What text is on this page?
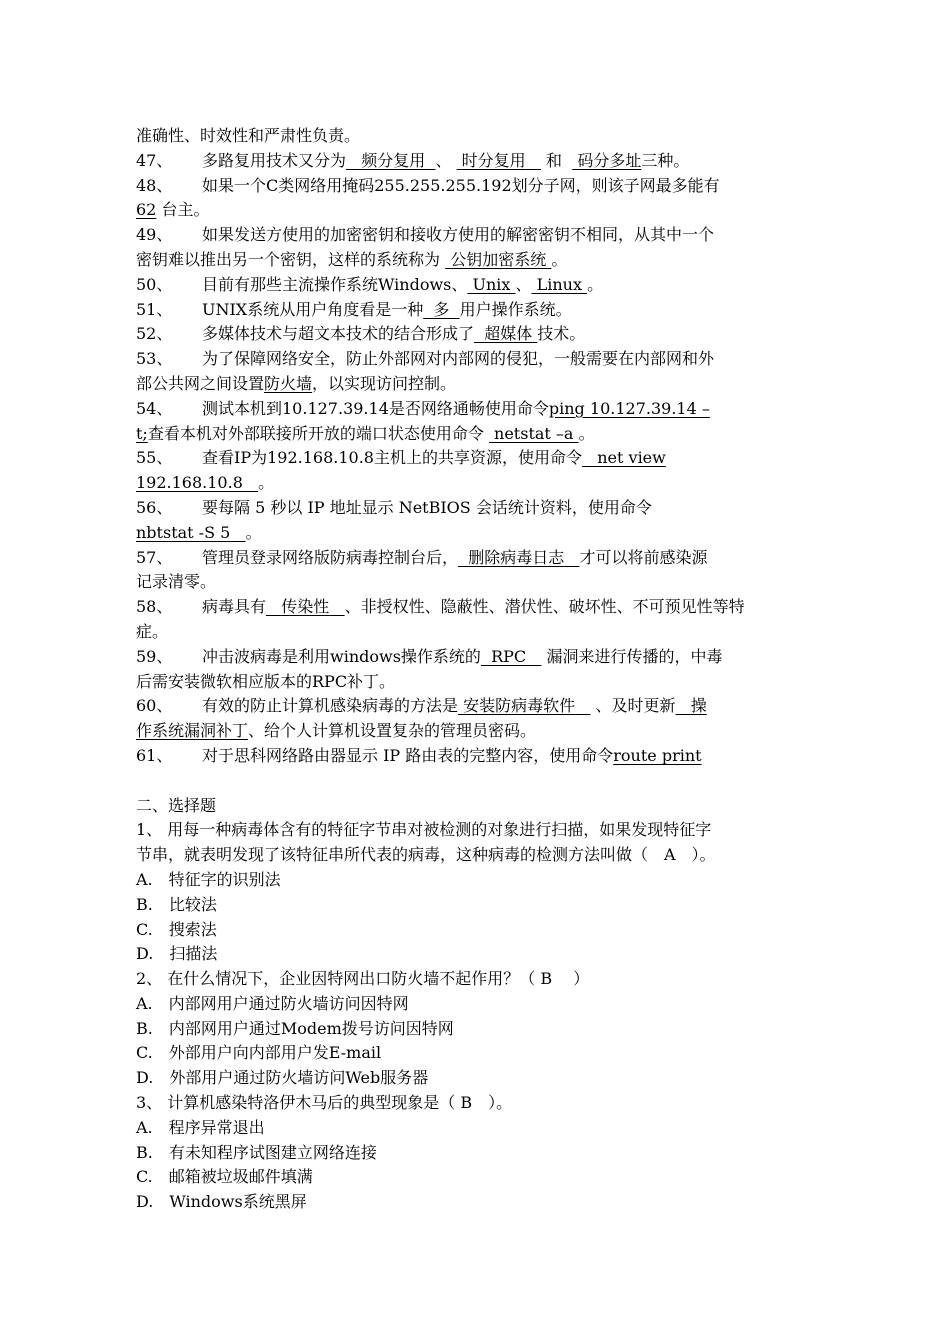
准确性、时效性和严肃性负责。
47、 多路复用技术又分为 频分复用 、 时分复用 和 码分多址三种。
48、 如果一个C类网络用掩码255.255.255.192划分子网，则该子网最多能有
62 台主。
49、 如果发送方使用的加密密钥和接收方使用的解密密钥不相同，从其中一个
密钥难以推出另一个密钥，这样的系统称为 公钥加密系统 。
50、 目前有那些主流操作系统Windows、 Unix 、 Linux 。
51、 UNIX系统从用户角度看是一种 多 用户操作系统。
52、 多媒体技术与超文本技术的结合形成了 超媒体 技术。
53、 为了保障网络安全，防止外部网对内部网的侵犯，一般需要在内部网和外
部公共网之间设置防火墙，以实现访问控制。
54、 测试本机到10.127.39.14是否网络通畅使用命令ping 10.127.39.14 –
t;查看本机对外部联接所开放的端口状态使用命令 netstat –a 。
55、 查看IP为192.168.10.8主机上的共享资源，使用命令 net view
192.168.10.8 。
56、 要每隔 5 秒以 IP 地址显示 NetBIOS 会话统计资料，使用命令
nbtstat -S 5 。
57、 管理员登录网络版防病毒控制台后， 删除病毒日志 才可以将前感染源
记录清零。
58、 病毒具有 传染性 、非授权性、隐蔽性、潜伏性、破坏性、不可预见性等特
症。
59、 冲击波病毒是利用windows操作系统的 RPC 漏洞来进行传播的，中毒
后需安装微软相应版本的RPC补丁。
60、 有效的防止计算机感染病毒的方法是 安装防病毒软件 、及时更新 操
作系统漏洞补丁、给个人计算机设置复杂的管理员密码。
61、 对于思科网络路由器显示 IP 路由表的完整内容，使用命令route print
二、选择题
1、 用每一种病毒体含有的特征字节串对被检测的对象进行扫描，如果发现特征字
节串，就表明发现了该特征串所代表的病毒，这种病毒的检测方法叫做（　A　）。
A.　特征字的识别法
B.　比较法
C.　搜索法
D.　扫描法
2、 在什么情况下，企业因特网出口防火墙不起作用？（ B　 ）
A.　内部网用户通过防火墙访问因特网
B.　内部网用户通过Modem拨号访问因特网
C.　外部用户向内部用户发E-mail
D.　外部用户通过防火墙访问Web服务器
3、 计算机感染特洛伊木马后的典型现象是（ B　）。
A.　程序异常退出
B.　有未知程序试图建立网络连接
C.　邮箱被垃圾邮件填满
D.　Windows系统黑屏
